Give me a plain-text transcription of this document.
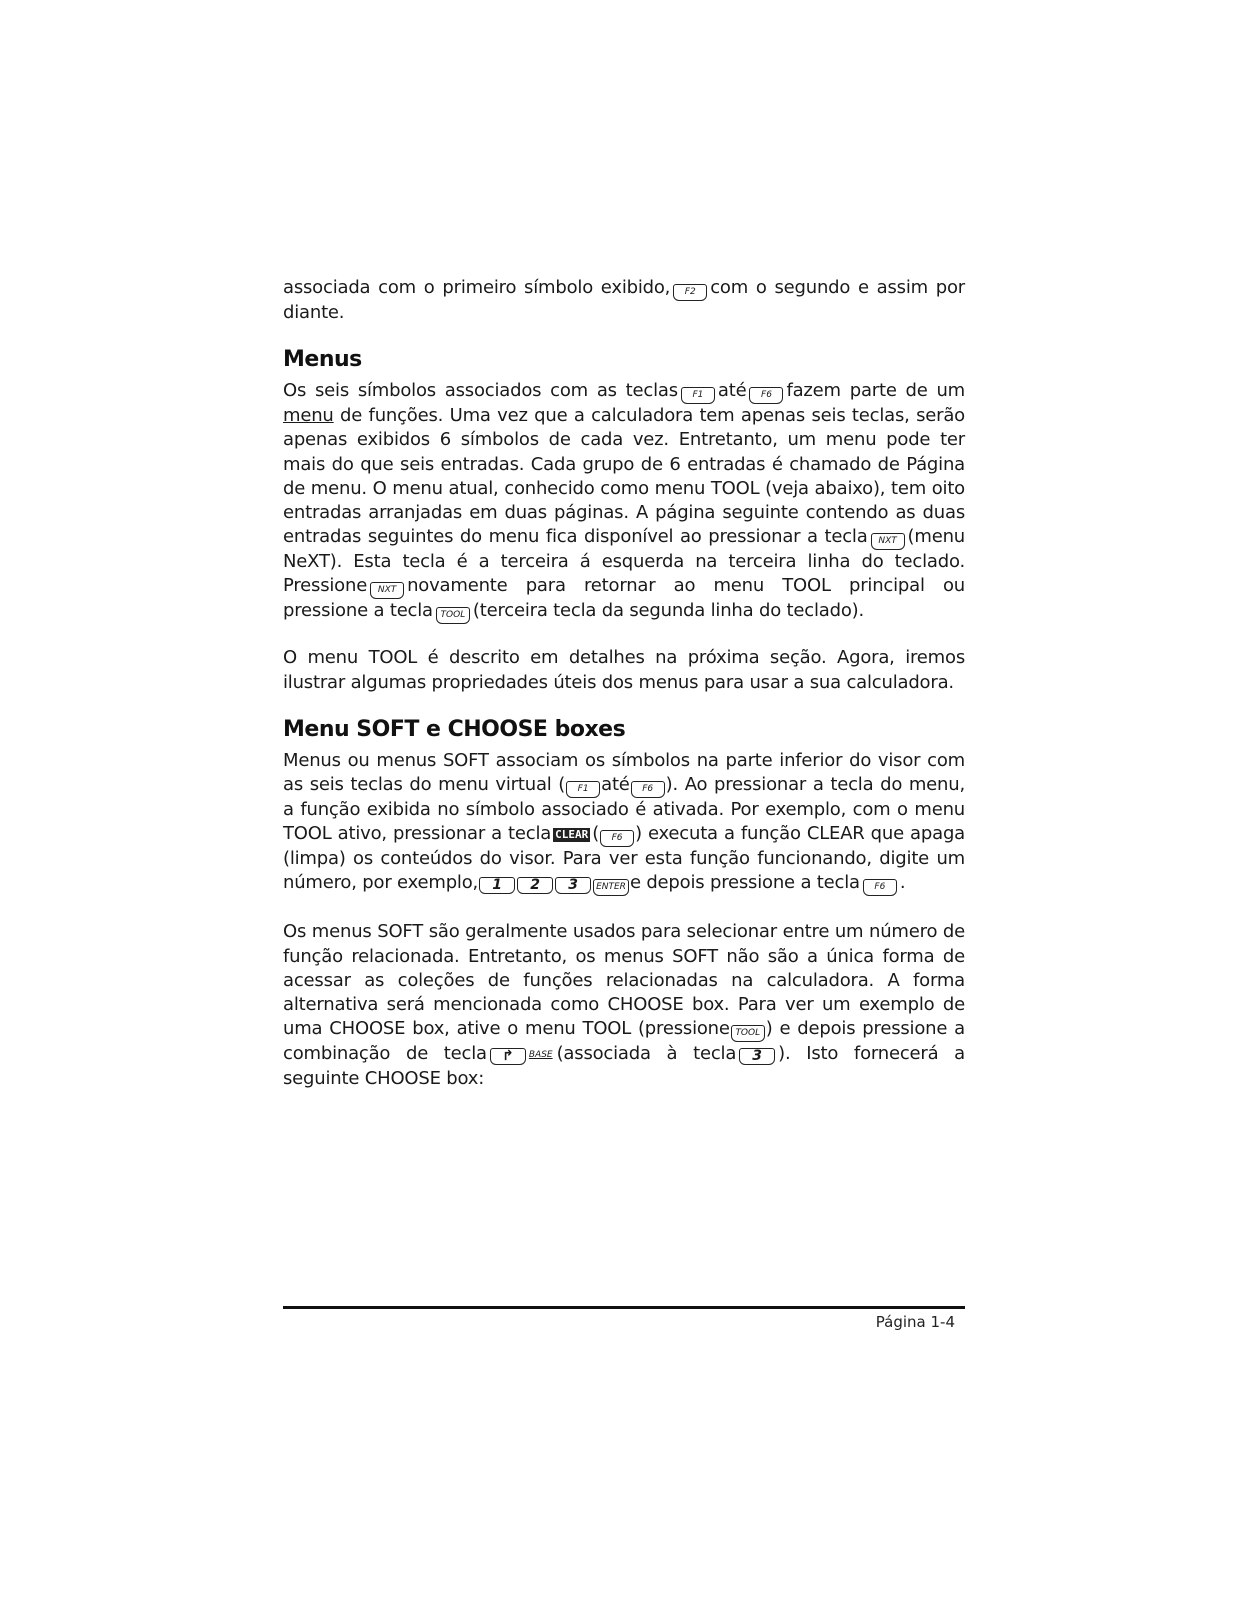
associada com o primeiro símbolo exibido, F2 com o segundo e assim por diante.

Menus

Os seis símbolos associados com as teclas F1 até F6 fazem parte de um menu de funções. Uma vez que a calculadora tem apenas seis teclas, serão apenas exibidos 6 símbolos de cada vez. Entretanto, um menu pode ter mais do que seis entradas. Cada grupo de 6 entradas é chamado de Página de menu. O menu atual, conhecido como menu TOOL (veja abaixo), tem oito entradas arranjadas em duas páginas. A página seguinte contendo as duas entradas seguintes do menu fica disponível ao pressionar a tecla NXT (menu NeXT). Esta tecla é a terceira á esquerda na terceira linha do teclado. Pressione NXT novamente para retornar ao menu TOOL principal ou pressione a tecla TOOL (terceira tecla da segunda linha do teclado).

O menu TOOL é descrito em detalhes na próxima seção. Agora, iremos ilustrar algumas propriedades úteis dos menus para usar a sua calculadora.

Menu SOFT e CHOOSE boxes

Menus ou menus SOFT associam os símbolos na parte inferior do visor com as seis teclas do menu virtual ( F1 até F6 ). Ao pressionar a tecla do menu, a função exibida no símbolo associado é ativada. Por exemplo, com o menu TOOL ativo, pressionar a tecla CLEAR ( F6 ) executa a função CLEAR que apaga (limpa) os conteúdos do visor. Para ver esta função funcionando, digite um número, por exemplo, 1 2 3 ENTER e depois pressione a tecla F6 .

Os menus SOFT são geralmente usados para selecionar entre um número de função relacionada. Entretanto, os menus SOFT não são a única forma de acessar as coleções de funções relacionadas na calculadora. A forma alternativa será mencionada como CHOOSE box. Para ver um exemplo de uma CHOOSE box, ative o menu TOOL (pressione TOOL ) e depois pressione a combinação de tecla ↱ BASE (associada à tecla 3 ). Isto fornecerá a seguinte CHOOSE box:

Página 1-4
